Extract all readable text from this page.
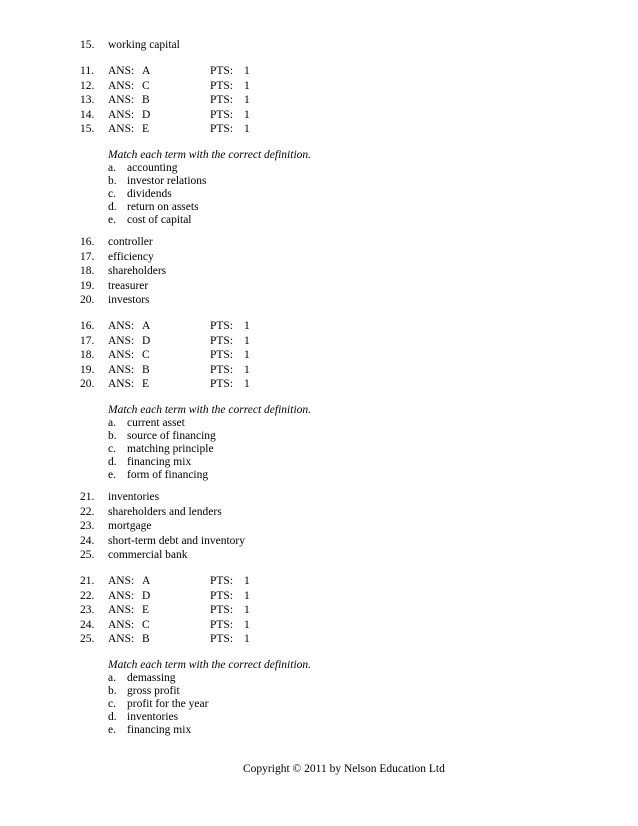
15. working capital
11. ANS: A	PTS: 1
12. ANS: C	PTS: 1
13. ANS: B	PTS: 1
14. ANS: D	PTS: 1
15. ANS: E	PTS: 1
Match each term with the correct definition.
a. accounting
b. investor relations
c. dividends
d. return on assets
e. cost of capital
16. controller
17. efficiency
18. shareholders
19. treasurer
20. investors
16. ANS: A	PTS: 1
17. ANS: D	PTS: 1
18. ANS: C	PTS: 1
19. ANS: B	PTS: 1
20. ANS: E	PTS: 1
Match each term with the correct definition.
a. current asset
b. source of financing
c. matching principle
d. financing mix
e. form of financing
21. inventories
22. shareholders and lenders
23. mortgage
24. short-term debt and inventory
25. commercial bank
21. ANS: A	PTS: 1
22. ANS: D	PTS: 1
23. ANS: E	PTS: 1
24. ANS: C	PTS: 1
25. ANS: B	PTS: 1
Match each term with the correct definition.
a. demassing
b. gross profit
c. profit for the year
d. inventories
e. financing mix
Copyright © 2011 by Nelson Education Ltd
